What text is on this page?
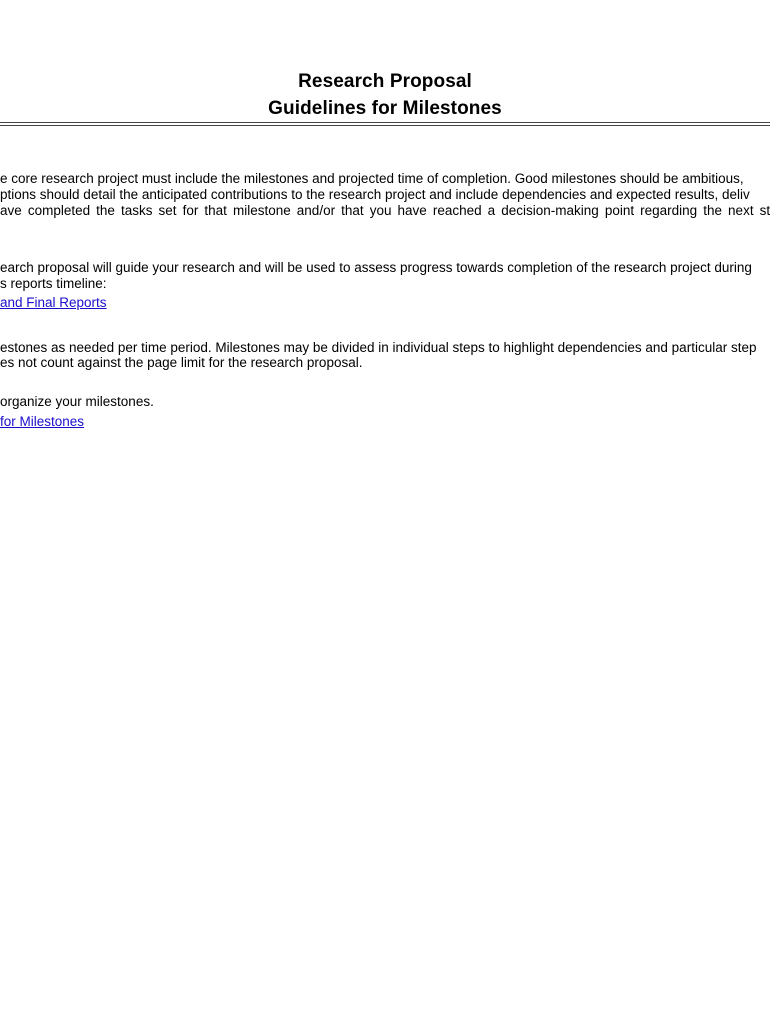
Research Proposal
Guidelines for Milestones
e core research project must include the milestones and projected time of completion. Good milestones should be ambitious,
ptions should detail the anticipated contributions to the research project and include dependencies and expected results, deliv
ave completed the tasks set for that milestone and/or that you have reached a decision-making point regarding the next st
earch proposal will guide your research and will be used to assess progress towards completion of the research project during
s reports timeline:
and Final Reports
estones as needed per time period. Milestones may be divided in individual steps to highlight dependencies and particular step
es not count against the page limit for the research proposal.
organize your milestones.
for Milestones
